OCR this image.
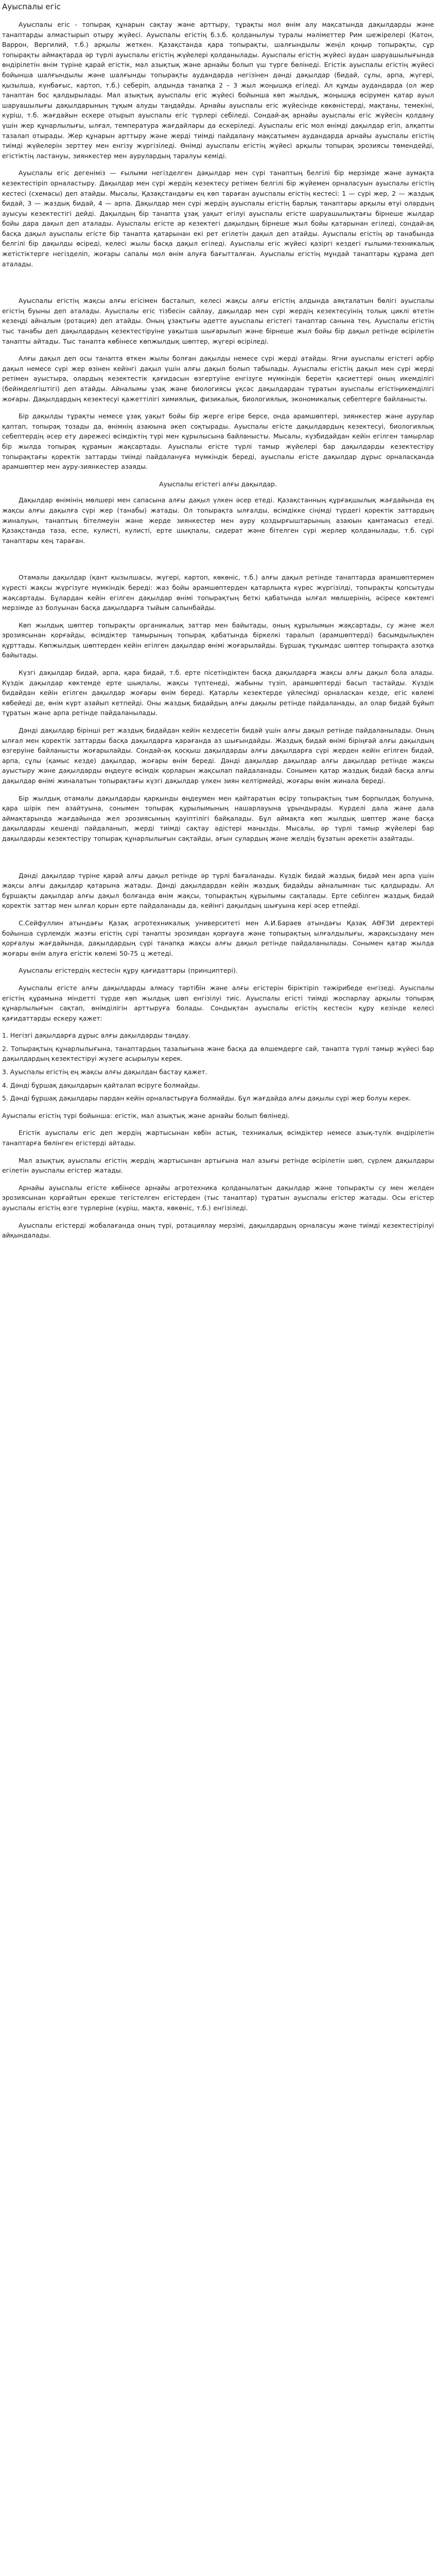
Ауыспалы егіс

Ауыспалы егіс - топырақ құнарын сақтау және арттыру, тұрақты мол өнім алу мақсатында дақылдарды және танаптарды алмастырып отыру жүйесі. Ауыспалы егістің б.з.б. қолданылуы туралы мәліметтер Рим шежірелері (Катон, Варрон, Вергилий, т.б.) арқылы жеткен. Қазақстанда қара топырақты, шалғындылы жеңіл қоңыр топырақты, сұр топырақты аймақтарда әр түрлі ауыспалы егістің жүйелері қолданылады. Ауыспалы егістің жүйесі аудан шаруашылығында өндірілетін өнім түріне қарай егістік, мал азықтық және арнайы болып үш түрге бөлінеді. Егістік ауыспалы егістің жүйесі бойынша шалғындылы және шалғынды топырақты аудандарда негізінен дәнді дақылдар (бидай, сұлы, арпа, жүгері, қызылша, күнбағыс, картоп, т.б.) себеріп, алдында танапқа 2 – 3 жыл жоңышқа егіледі. Ал құмды аудандарда (ол жер танаптан бос қалдырылады. Мал азықтық ауыспалы егіс жүйесі бойынша көп жылдық, жоңышқа өсірумен қатар ауыл шаруашылығы дақылдарының тұқым алуды таңдайды. Арнайы ауыспалы егіс жүйесінде көкөністерді, мақтаны, темекіні, күріш, т.б. жағдайын ескере отырып ауыспалы егіс түрлері себіледі. Сондай-ақ арнайы ауыспалы егіс жүйесін қолдану үшін жер құнарлылығы, ылғал, температура жағдайлары да ескеріледі. Ауыспалы егіс мол өнімді дақылдар егіп, алқапты тазалап отырады. Жер құнарын арттыру және жерді тиімді пайдалану мақсатымен аудандарда арнайы ауыспалы егістің тиімді жүйелерін зерттеу мен енгізу жүргізіледі. Өнімді ауыспалы егістің жүйесі арқылы топырақ эрозиясы төмендейді, егістіктің ластануы, зиянкестер мен аурулардың таралуы кеміді.

Ауыспалы егіс дегеніміз — ғылыми негізделген дақылдар мен сүрі танаптың белгілі бір мерзімде және аумақта кезектестіріп орналастыру. Дақылдар мен сүрі жердің кезектесу ретімен белгілі бір жүйемен орналасуын ауыспалы егістің кестесі (схемасы) деп атайды. Мысалы, Қазақстандағы ең көп тараған ауыспалы егістің кестесі: 1 — сүрі жер, 2 — жаздық бидай, 3 — жаздық бидай, 4 — арпа. Дақылдар мен сүрі жердің ауыспалы егістің барлық танаптары арқылы өтуі олардың ауысуы кезектестігі дейді. Дақылдың бір танапта ұзақ уақыт егілуі ауыспалы егісте шаруашылықтағы бірнеше жылдар бойы дара дақыл деп аталады. Ауыспалы егісте әр кезектегі дақылдың бірнеше жыл бойы қатарынан егіледі, сондай-ақ басқа дақыл ауыспалы егісте бір танапта қатарынан екі рет егілетін дақыл деп атайды. Ауыспалы егістің әр танабында белгілі бір дақылды өсіреді, келесі жылы басқа дақыл егіледі. Ауыспалы егіс жүйесі қазіргі кездегі ғылыми-техникалық жетістіктерге негізделіп, жоғары сапалы мол өнім алуға бағытталған. Ауыспалы егістің мұндай танаптары құрама деп аталады.

Ауыспалы егістің жақсы алғы егісімен басталып, келесі жақсы алғы егістің алдында аяқталатын бөлігі ауыспалы егістің буыны деп аталады. Ауыспалы егіс тізбесін сайлау, дақылдар мен сүрі жердің кезектесуінің толық циклі өтетін кезеңді айналым (ротация) деп атайды. Оның ұзақтығы әдетте ауыспалы егістегі танаптар санына тең. Ауыспалы егістің тыс танабы деп дақылдардың кезектестіруіне уақытша шығарылып және бірнеше жыл бойы бір дақыл ретінде өсірілетін танапты айтады. Тыс танапта көбінесе көпжылдық шөптер, жүгері өсіріледі.

Алғы дақыл деп осы танапта өткен жылы болған дақылды немесе сүрі жерді атайды. Ягни ауыспалы егістегі әрбір дақыл немесе сүрі жер өзінен кейінгі дақыл үшін алғы дақыл болып табылады. Ауыспалы егістің дақыл мен сүрі жерді ретімен ауыстыра, олардың кезектестік қағидасын өзгертуіне енгізуге мүмкіндік беретін қасиеттері оның икемділігі (бейімделгіштігі) деп атайды. Айналымы ұзақ және биологиясы ұқсас дақылдардан тұратын ауыспалы егістіңикемділігі жоғары. Дақылдардың кезектесуі қажеттілігі химиялық, физикалық, биологиялық, экономикалық себептерге байланысты.

Бір дақылды тұрақты немесе ұзақ уақыт бойы бір жерге егіре берсе, онда арамшөптері, зиянкестер және аурулар қаптап, топырақ тозады да, өнімнің азаюына әкеп соқтырады. Ауыспалы егісте дақылдардың кезектесуі, биологиялық себептердің әсер ету дәрежесі өсімдіктің түрі мен құрылысына байланысты. Мысалы, күзбидайдан кейін егілген тамырлар бір жылда топырақ құрамын жақсартады. Ауыспалы егісте түрлі тамыр жүйелері бар дақылдарды кезектестіру топырақтағы қоректік заттарды тиімді пайдалануға мүмкіндік береді, ауыспалы егісте дақылдар дұрыс орналасқанда арамшөптер мен ауру-зиянкестер азаяды.

Ауыспалы егістегі алғы дақылдар.

Дақылдар өнімінің мөлшері мен сапасына алғы дақыл үлкен әсер етеді. Қазақстанның құрғақшылық жағдайында ең жақсы алғы дақылға сүрі жер (танабы) жатады. Ол топырақта ылғалды, өсімдікке сіңімді түрдегі қоректік заттардың жиналуын, танаптың бітелмеуін және жерде зиянкестер мен ауру қоздырғыштарының азаюын қамтамасыз етеді. Қазақстанда таза, еспе, кулисті, кулисті, ерте шықпалы, сидерат және бітелген сүрі жерлер қолданылады, т.б. сүрі танаптары кең тараған.

Отамалы дақылдар (қант қызылшасы, жүгері, картоп, көкөніс, т.б.) алғы дақыл ретінде танаптарда арамшөптермен күресті жақсы жүргізуге мүмкіндік береді: жаз бойы арамшөптерден қатарлықта күрес жүргізілді, топырақты қопсытуды жақсартады. Бұлардан кейін егілген дақылдар өнімі топырақтың беткі қабатында ылғал мөлшерінің, әсіресе көктемгі мерзімде аз болуынан басқа дақылдарға тыйым салынбайды.

Көп жылдық шөптер топырақты органикалық заттар мен байытады, оның құрылымын жақсартады, су және жел эрозиясынан қорғайды, өсімдіктер тамырының топырақ қабатында біркелкі таралып (арамшөптерді) басымдылықпен құрттады. Көпжылдық шөптерден кейін егілген дақылдар өнімі жоғарылайды. Бұршақ тұқымдас шөптер топырақта азотқа байытады.

Күзгі дақылдар бидай, арпа, қара бидай, т.б. ерте пісетіндіктен басқа дақылдарға жақсы алғы дақыл бола алады. Күздік дақылдар көктемде ерте шықпалы, жақсы түптенеді, жабыны түзіп, арамшөптерді басып тастайды. Күздік бидайдан кейін егілген дақылдар жоғары өнім береді. Қатарлы кезектерде үйлесімді орналасқан кезде, егіс көлемі көбейеді де, өнім күрт азайып кетпейді. Оны жаздық бидайдың алғы дақылы ретінде пайдаланады, ал олар бидай бұйып тұратын және арпа ретінде пайдаланылады.

Дәнді дақылдар бірінші рет жаздық бидайдан кейін кездесетін бидай үшін алғы дақыл ретінде пайдаланылады. Оның ылғал мен қоректік заттарды басқа дақылдарға қарағанда аз шығындайды. Жаздық бидай өнімі біріңғай алғы дақылдың өзгеруіне байланысты жоғарылайды. Сондай-ақ қосқыш дақылдарды алғы дақылдарға сүрі жерден кейін егілген бидай, арпа, сұлы (қамыс кезде) дақылдар, жоғары өнім береді. Дәнді дақылдар дақылдар алғы дақылдар ретінде жақсы ауыстыру және дақылдарды өңдеуге өсімдік қорларын жақсылап пайдаланады. Сонымен қатар жаздық бидай басқа алғы дақылдар өнімі жиналатын топырақтағы күзгі дақылдар үлкен зиян келтірмейді, жоғары өнім жинала береді.

Бір жылдық отамалы дақылдарды қарқынды өңдеумен мен қайтаратын өсіру топырақтың тым борпылдақ болуына, қара шірік пен азайтуына, сонымен топырақ құрылымының нашарлауына ұрындырады. Күрделі дала және дала аймақтарында жағдайында жел эрозиясының қауіптілігі байқалады. Бұл аймақта көп жылдық шөптер және басқа дақылдарды кешенді пайдаланып, жерді тиімді сақтау әдістері маңызды. Мысалы, әр түрлі тамыр жүйелері бар дақылдарды кезектестіру топырақ құнарлылығын сақтайды, ағын сулардың және желдің бұзатын әрекетін азайтады.

Дәнді дақылдар түріне қарай алғы дақыл ретінде әр түрлі бағаланады. Күздік бидай жаздық бидай мен арпа үшін жақсы алғы дақылдар қатарына жатады. Дәнді дақылдардан кейін жаздық бидайды айналымнан тыс қалдырады. Ал бұршақты дақылдар алғы дақыл болғанда өнім жақсы, топырақтың құрылымы сақталады. Ерте себілген жаздық бидай қоректік заттар мен ылғал қорын ерте пайдаланады да, кейінгі дақылдың шығуына кері әсер етпейді.

С.Сейфуллин атындағы Қазақ агротехникалық университеті мен А.И.Бараев атындағы Қазақ АӨҒЗИ деректері бойынша сүрлемдік жазғы егістің сүрі танапты эрозиядан қорғауға және топырақтың ылғалдылығы, жарақсыздану мен қорғалуы жағдайында, дақылдардың сүрі танапқа жақсы алғы дақыл ретінде пайдаланылады. Сонымен қатар жылда жоғары өнім алуға егістік көлемі 50-75 ц жетеді.

Ауыспалы егістердің кестесін құру қағидаттары (принциптері).

Ауыспалы егісте алғы дақылдарды алмасу тәртібін және алғы егістерін біріктіріп тәжірибеде енгізеді. Ауыспалы егістің құрамына міндетті түрде көп жылдық шөп енгізілуі тиіс. Ауыспалы егісті тиімді жоспарлау арқылы топырақ құнарлылығын сақтап, өнімділігін арттыруға болады. Сондықтан ауыспалы егістің кестесін құру кезінде келесі қағидаттарды ескеру қажет:

1. Негізгі дақылдарға дұрыс алғы дақылдарды таңдау.
2. Топырақтың құнарлылығына, танаптардың тазалығына және басқа да өлшемдерге сай, танапта түрлі тамыр жүйесі бар дақылдардың кезектестіруі жүзеге асырылуы керек.
3. Ауыспалы егістің ең жақсы алғы дақылдан бастау қажет.
4. Дәнді бұршақ дақылдарын қайталап өсіруге болмайды.
5. Дәнді бұршақ дақылдары пардан кейін орналастыруға болмайды. Бұл жағдайда алғы дақылы сүрі жер болуы керек.

Ауыспалы егістің түрі бойынша: егістік, мал азықтық және арнайы болып бөлінеді.

Егістік ауыспалы егіс деп жердің жартысынан көбін астық, техникалық өсімдіктер немесе азық-түлік өндірілетін танаптарға бөлінген егістерді айтады.

Мал азықтық ауыспалы егістің жердің жартысынан артығына мал азығы ретінде өсірілетін шөп, сүрлем дақылдары егілетін ауыспалы егістер жатады.

Арнайы ауыспалы егісте көбінесе арнайы агротехника қолданылатын дақылдар және топырақты су мен желден эрозиясынан қорғайтын ерекше тегістелген егістерден (тыс танаптар) тұратын ауыспалы егістер жатады. Осы егістер ауыспалы егістің өзге түрлеріне (күріш, мақта, көкөніс, т.б.) енгізіледі.

Ауыспалы егістерді жобалағанда оның түрі, ротациялау мерзімі, дақылдардың орналасуы және тиімді кезектестірілуі айқындалады.
